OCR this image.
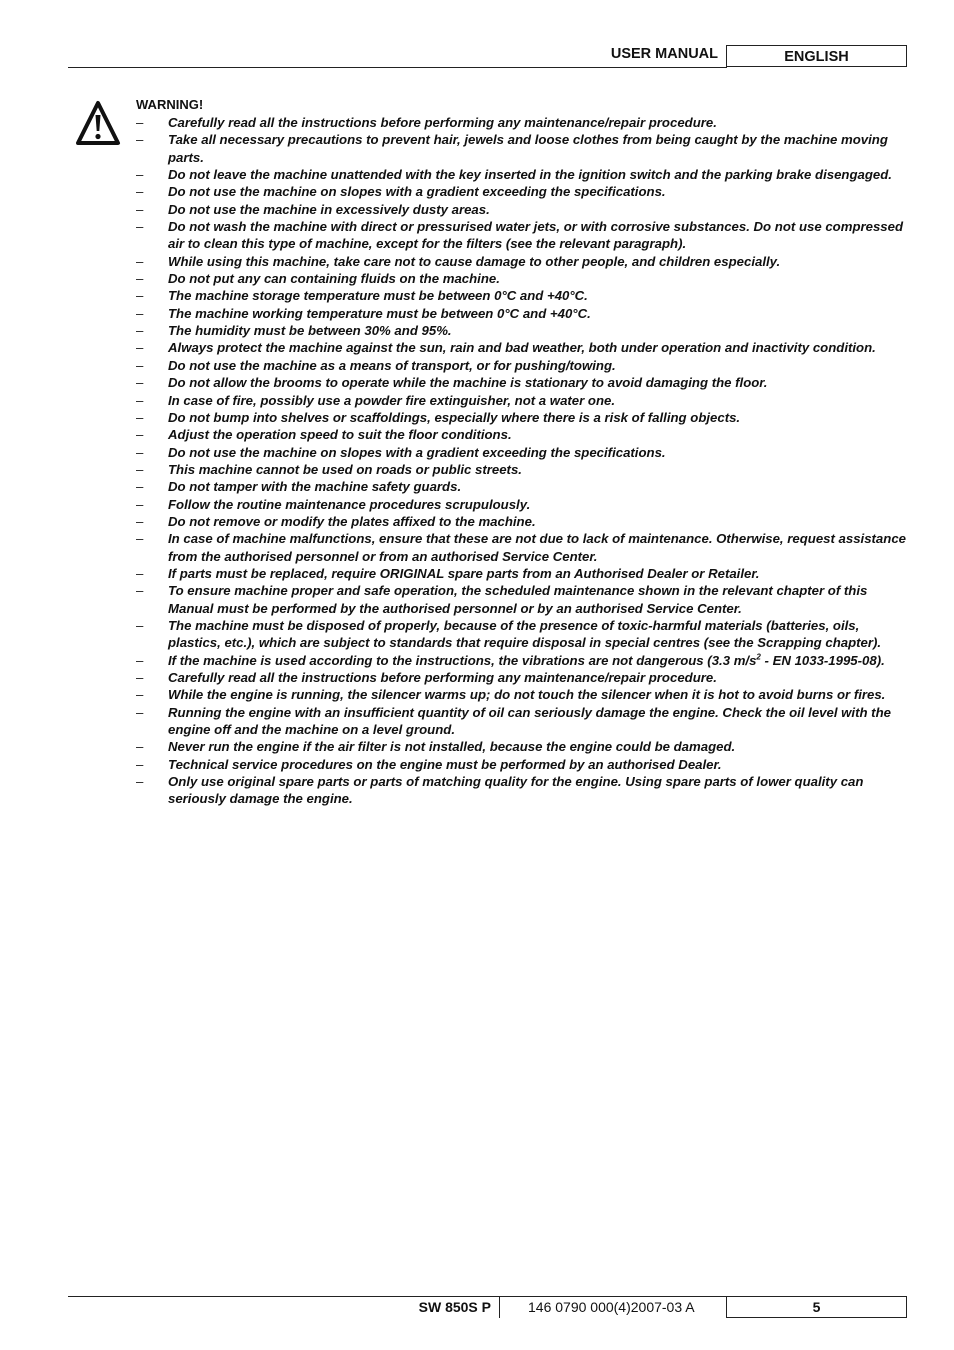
USER MANUAL	ENGLISH
WARNING!
– Carefully read all the instructions before performing any maintenance/repair procedure.
– Take all necessary precautions to prevent hair, jewels and loose clothes from being caught by the machine moving parts.
– Do not leave the machine unattended with the key inserted in the ignition switch and the parking brake disengaged.
– Do not use the machine on slopes with a gradient exceeding the specifications.
– Do not use the machine in excessively dusty areas.
– Do not wash the machine with direct or pressurised water jets, or with corrosive substances. Do not use compressed air to clean this type of machine, except for the filters (see the relevant paragraph).
– While using this machine, take care not to cause damage to other people, and children especially.
– Do not put any can containing fluids on the machine.
– The machine storage temperature must be between 0°C and +40°C.
– The machine working temperature must be between 0°C and +40°C.
– The humidity must be between 30% and 95%.
– Always protect the machine against the sun, rain and bad weather, both under operation and inactivity condition.
– Do not use the machine as a means of transport, or for pushing/towing.
– Do not allow the brooms to operate while the machine is stationary to avoid damaging the floor.
– In case of fire, possibly use a powder fire extinguisher, not a water one.
– Do not bump into shelves or scaffoldings, especially where there is a risk of falling objects.
– Adjust the operation speed to suit the floor conditions.
– Do not use the machine on slopes with a gradient exceeding the specifications.
– This machine cannot be used on roads or public streets.
– Do not tamper with the machine safety guards.
– Follow the routine maintenance procedures scrupulously.
– Do not remove or modify the plates affixed to the machine.
– In case of machine malfunctions, ensure that these are not due to lack of maintenance. Otherwise, request assistance from the authorised personnel or from an authorised Service Center.
– If parts must be replaced, require ORIGINAL spare parts from an Authorised Dealer or Retailer.
– To ensure machine proper and safe operation, the scheduled maintenance shown in the relevant chapter of this Manual must be performed by the authorised personnel or by an authorised Service Center.
– The machine must be disposed of properly, because of the presence of toxic-harmful materials (batteries, oils, plastics, etc.), which are subject to standards that require disposal in special centres (see the Scrapping chapter).
– If the machine is used according to the instructions, the vibrations are not dangerous (3.3 $m/s^2$ - EN 1033-1995-08).
– Carefully read all the instructions before performing any maintenance/repair procedure.
– While the engine is running, the silencer warms up; do not touch the silencer when it is hot to avoid burns or fires.
– Running the engine with an insufficient quantity of oil can seriously damage the engine. Check the oil level with the engine off and the machine on a level ground.
– Never run the engine if the air filter is not installed, because the engine could be damaged.
– Technical service procedures on the engine must be performed by an authorised Dealer.
– Only use original spare parts or parts of matching quality for the engine. Using spare parts of lower quality can seriously damage the engine.
SW 850S P	146 0790 000(4)2007-03 A	5
